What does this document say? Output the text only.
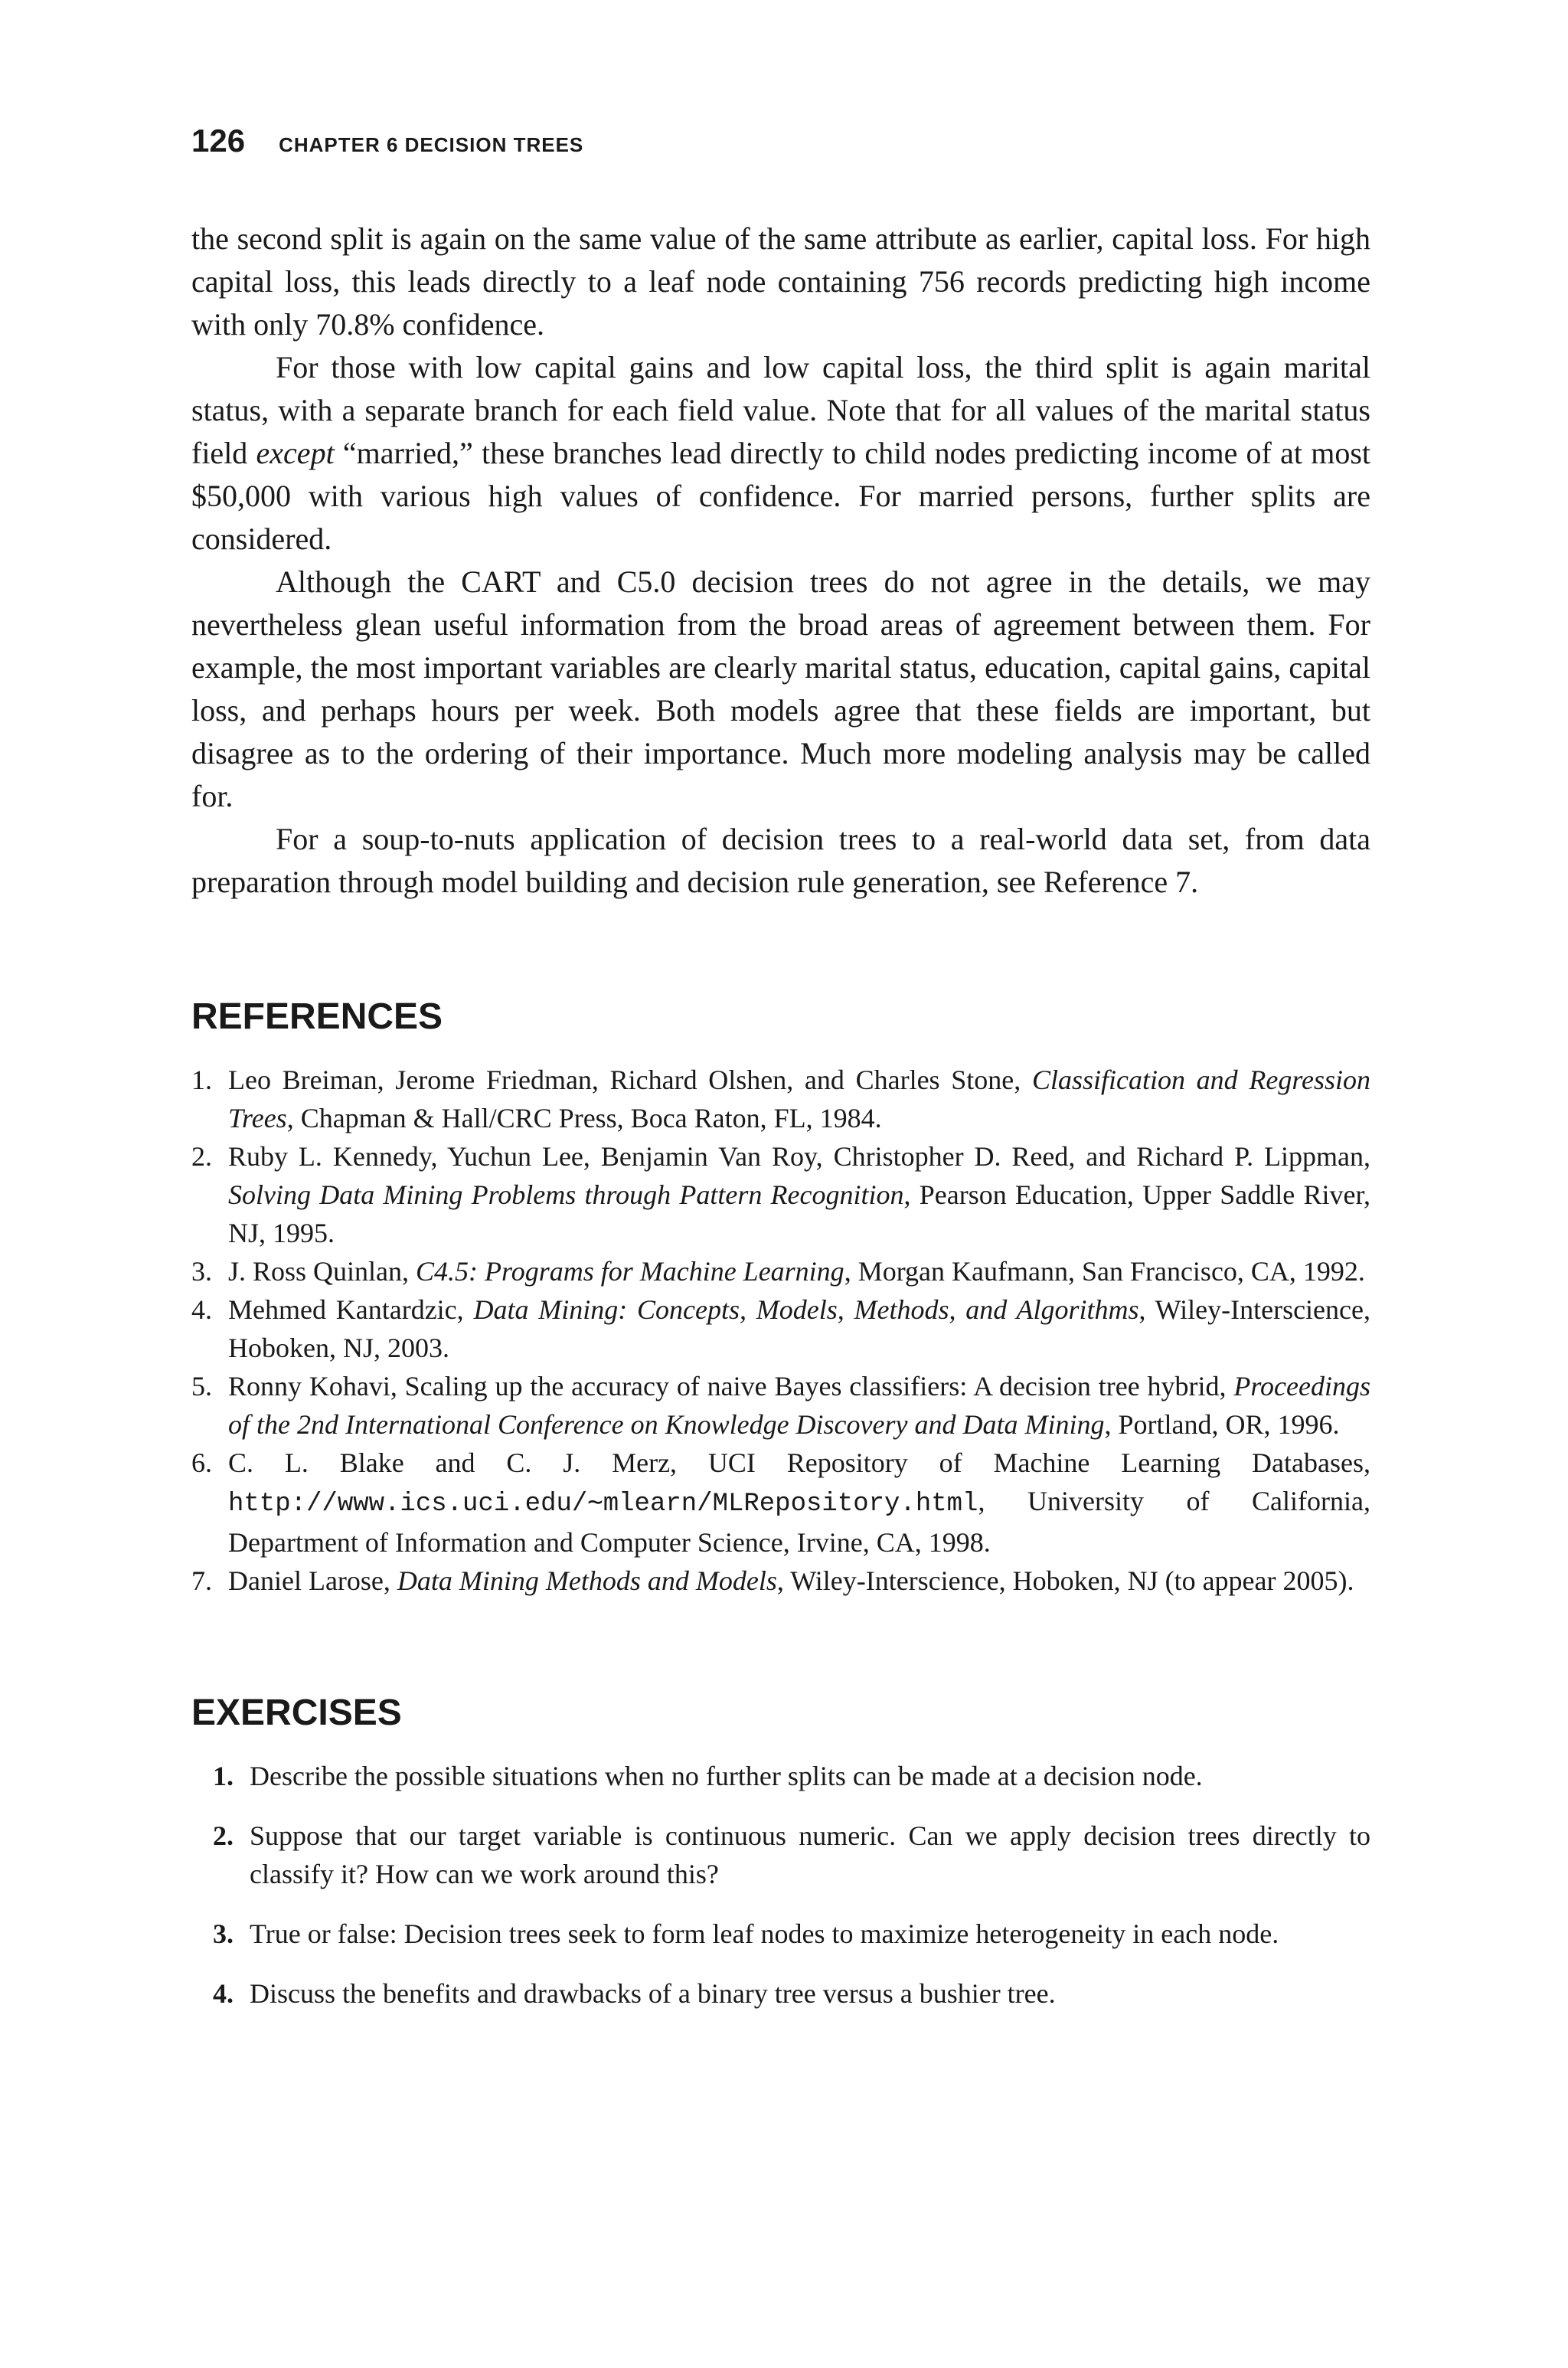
126 CHAPTER 6 DECISION TREES

the second split is again on the same value of the same attribute as earlier, capital loss. For high capital loss, this leads directly to a leaf node containing 756 records predicting high income with only 70.8% confidence.

For those with low capital gains and low capital loss, the third split is again marital status, with a separate branch for each field value. Note that for all values of the marital status field except “married,” these branches lead directly to child nodes predicting income of at most $50,000 with various high values of confidence. For married persons, further splits are considered.

Although the CART and C5.0 decision trees do not agree in the details, we may nevertheless glean useful information from the broad areas of agreement between them. For example, the most important variables are clearly marital status, education, capital gains, capital loss, and perhaps hours per week. Both models agree that these fields are important, but disagree as to the ordering of their importance. Much more modeling analysis may be called for.

For a soup-to-nuts application of decision trees to a real-world data set, from data preparation through model building and decision rule generation, see Reference 7.

REFERENCES
1. Leo Breiman, Jerome Friedman, Richard Olshen, and Charles Stone, Classification and Regression Trees, Chapman & Hall/CRC Press, Boca Raton, FL, 1984.
2. Ruby L. Kennedy, Yuchun Lee, Benjamin Van Roy, Christopher D. Reed, and Richard P. Lippman, Solving Data Mining Problems through Pattern Recognition, Pearson Education, Upper Saddle River, NJ, 1995.
3. J. Ross Quinlan, C4.5: Programs for Machine Learning, Morgan Kaufmann, San Francisco, CA, 1992.
4. Mehmed Kantardzic, Data Mining: Concepts, Models, Methods, and Algorithms, Wiley-Interscience, Hoboken, NJ, 2003.
5. Ronny Kohavi, Scaling up the accuracy of naive Bayes classifiers: A decision tree hybrid, Proceedings of the 2nd International Conference on Knowledge Discovery and Data Mining, Portland, OR, 1996.
6. C. L. Blake and C. J. Merz, UCI Repository of Machine Learning Databases, http://www.ics.uci.edu/∼mlearn/MLRepository.html, University of California, Department of Information and Computer Science, Irvine, CA, 1998.
7. Daniel Larose, Data Mining Methods and Models, Wiley-Interscience, Hoboken, NJ (to appear 2005).
EXERCISES
1. Describe the possible situations when no further splits can be made at a decision node.
2. Suppose that our target variable is continuous numeric. Can we apply decision trees directly to classify it? How can we work around this?
3. True or false: Decision trees seek to form leaf nodes to maximize heterogeneity in each node.
4. Discuss the benefits and drawbacks of a binary tree versus a bushier tree.
